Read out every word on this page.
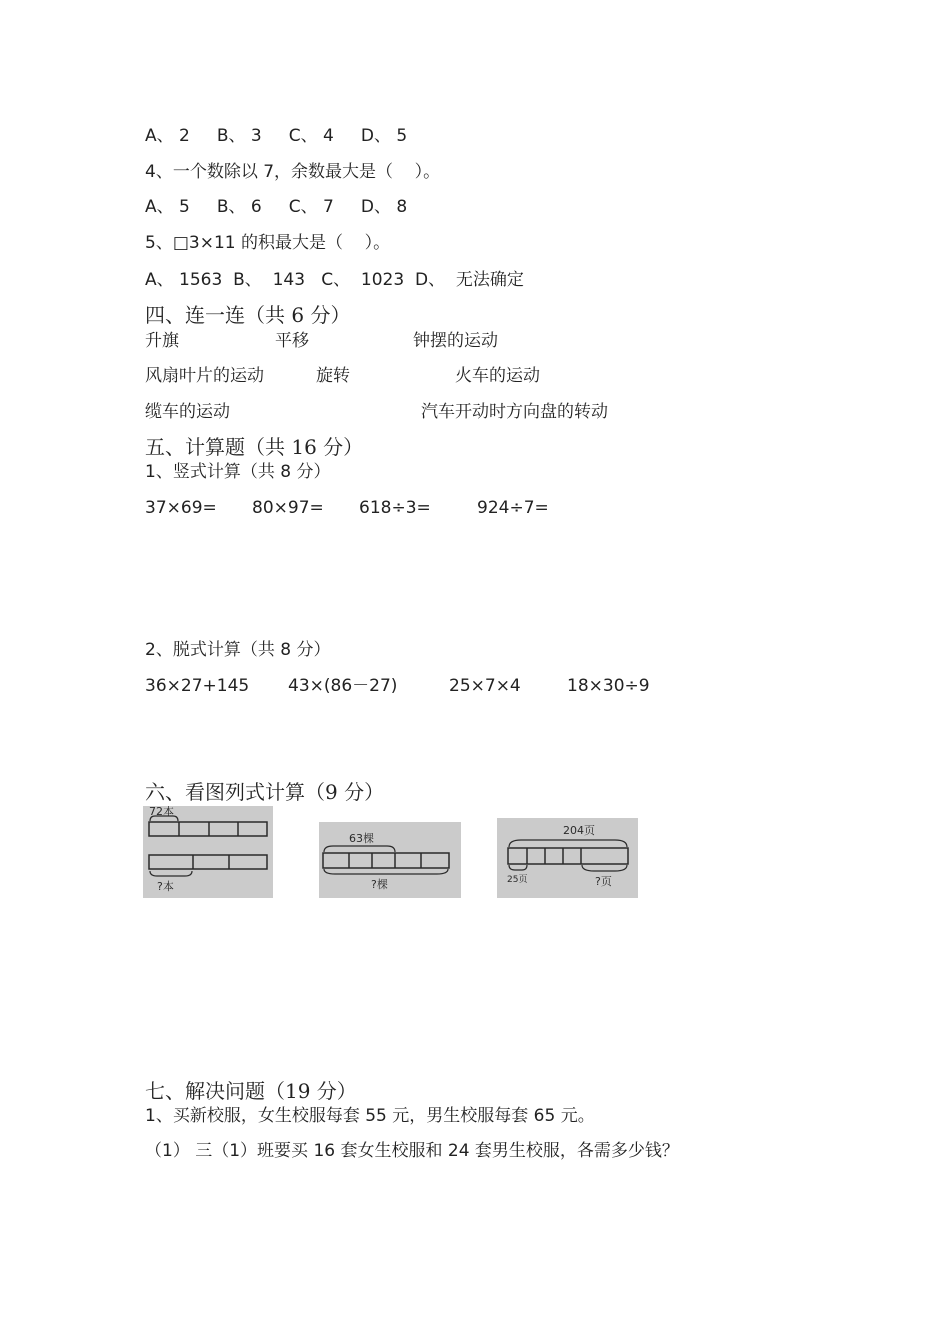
A、 2     B、 3     C、 4     D、 5
4、一个数除以 7，余数最大是（    ）。
A、 5     B、 6     C、 7     D、 8
5、□3×11 的积最大是（    ）。
A、 1563  B、  143   C、  1023  D、  无法确定
四、连一连（共 6 分）
升旗	平移	钟摆的运动
风扇叶片的运动	旋转	火车的运动
缆车的运动	汽车开动时方向盘的转动
五、计算题（共 16 分）
1、竖式计算（共 8 分）
37×69= 80×97= 618÷3=	924÷7=
2、脱式计算（共 8 分）
36×27+145 43×(86－27)	25×7×4	18×30÷9
六、看图列式计算（9 分）
72本
?本
63棵
?棵
204页
25页	?页
七、解决问题（19 分）
1、买新校服，女生校服每套 55 元，男生校服每套 65 元。
（1） 三（1）班要买 16 套女生校服和 24 套男生校服，各需多少钱？
